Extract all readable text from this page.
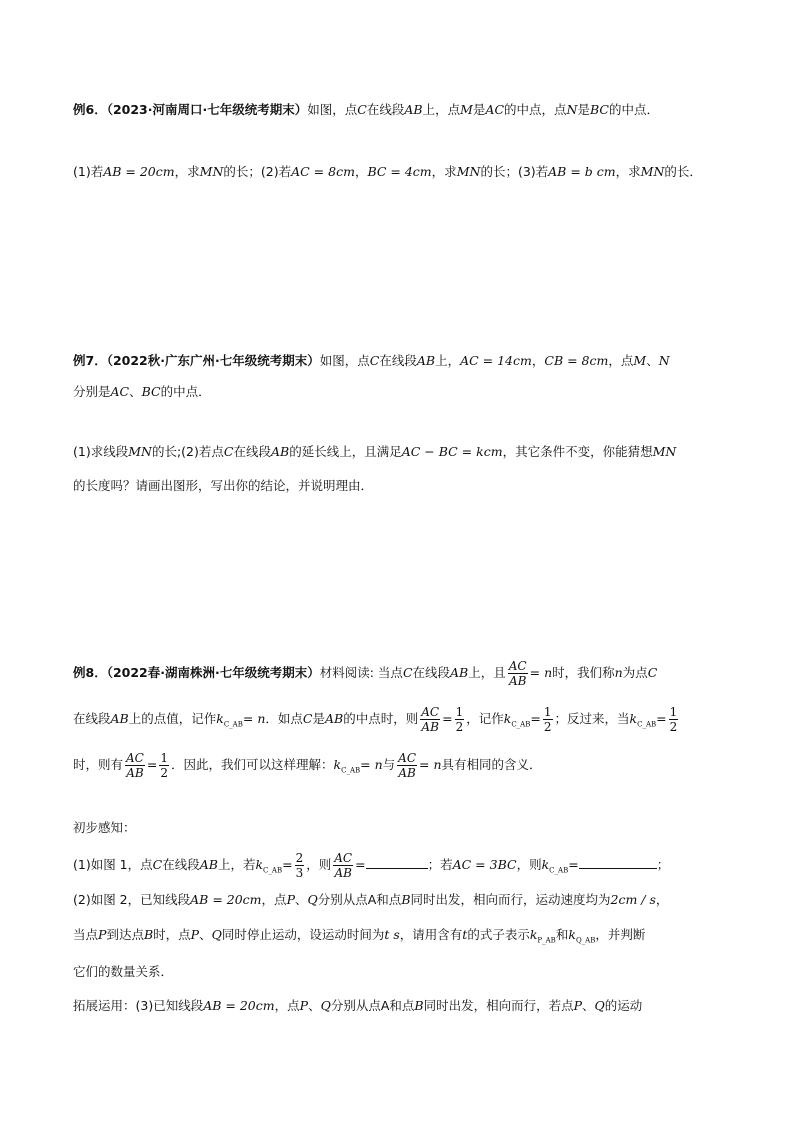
例6．（2023·河南周口·七年级统考期末）如图，点C在线段AB上，点M是AC的中点，点N是BC的中点．
(1)若AB = 20cm，求MN的长；(2)若AC = 8cm，BC = 4cm，求MN的长；(3)若AB = b cm，求MN的长．
例7．（2022秋·广东广州·七年级统考期末）如图，点C在线段AB上，AC = 14cm，CB = 8cm，点M、N
分别是AC、BC的中点．
(1)求线段MN的长;(2)若点C在线段AB的延长线上，且满足AC − BC = kcm，其它条件不变，你能猜想MN
的长度吗？请画出图形，写出你的结论，并说明理由．
例8．（2022春·湖南株洲·七年级统考期末）材料阅读: 当点C在线段AB上，且 $\frac{AC}{AB} = n$时，我们称n为点C
在线段AB上的点值，记作$k_{C\_AB}= n$．如点C是AB的中点时，则 $\frac{AC}{AB} = \frac{1}{2}$ ，记作$k_{C\_AB}= \frac{1}{2}$ ；反过来，当$k_{C\_AB}= \frac{1}{2}$
时，则有 $\frac{AC}{AB} = \frac{1}{2}$ ．因此，我们可以这样理解：$k_{C\_AB}= n$与 $\frac{AC}{AB} = n$具有相同的含义．
初步感知：
(1)如图 1，点C在线段AB上，若$k_{C\_AB}= \frac{2}{3}$ ，则 $\frac{AC}{AB}$ =	；若AC = 3BC，则$k_{C\_AB}=$	；
(2)如图 2，已知线段AB = 20cm，点P、Q分别从点A和点B同时出发，相向而行，运动速度均为2cm / s，
当点P到达点B时，点P、Q同时停止运动，设运动时间为t s，请用含有t的式子表示$k_{P\_AB}$和$k_{Q\_AB}$，并判断
它们的数量关系．
拓展运用：(3)已知线段AB = 20cm，点P、Q分别从点A和点B同时出发，相向而行，若点P、Q的运动
